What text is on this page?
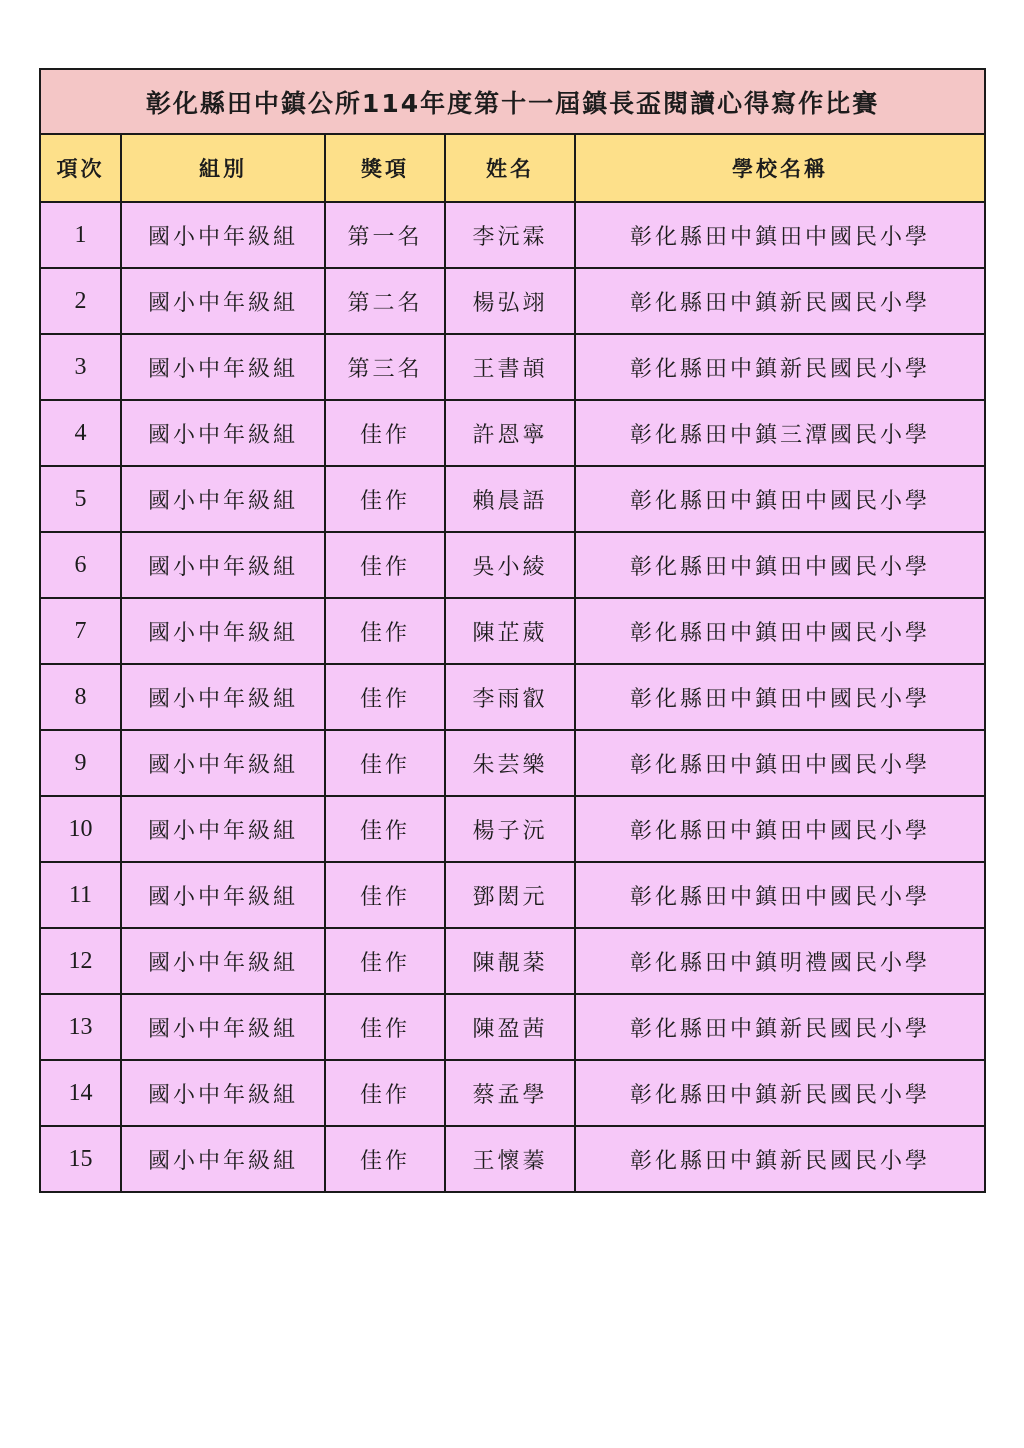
彰化縣田中鎮公所114年度第十一屆鎮長盃閱讀心得寫作比賽				
項次	組別	獎項	姓名	學校名稱
1	國小中年級組	第一名	李沅霖	彰化縣田中鎮田中國民小學
2	國小中年級組	第二名	楊弘翊	彰化縣田中鎮新民國民小學
3	國小中年級組	第三名	王書頡	彰化縣田中鎮新民國民小學
4	國小中年級組	佳作	許恩寧	彰化縣田中鎮三潭國民小學
5	國小中年級組	佳作	賴晨語	彰化縣田中鎮田中國民小學
6	國小中年級組	佳作	吳小綾	彰化縣田中鎮田中國民小學
7	國小中年級組	佳作	陳芷葳	彰化縣田中鎮田中國民小學
8	國小中年級組	佳作	李雨叡	彰化縣田中鎮田中國民小學
9	國小中年級組	佳作	朱芸樂	彰化縣田中鎮田中國民小學
10	國小中年級組	佳作	楊子沅	彰化縣田中鎮田中國民小學
11	國小中年級組	佳作	鄧閎元	彰化縣田中鎮田中國民小學
12	國小中年級組	佳作	陳靚棻	彰化縣田中鎮明禮國民小學
13	國小中年級組	佳作	陳盈茜	彰化縣田中鎮新民國民小學
14	國小中年級組	佳作	蔡孟學	彰化縣田中鎮新民國民小學
15	國小中年級組	佳作	王懷蓁	彰化縣田中鎮新民國民小學
